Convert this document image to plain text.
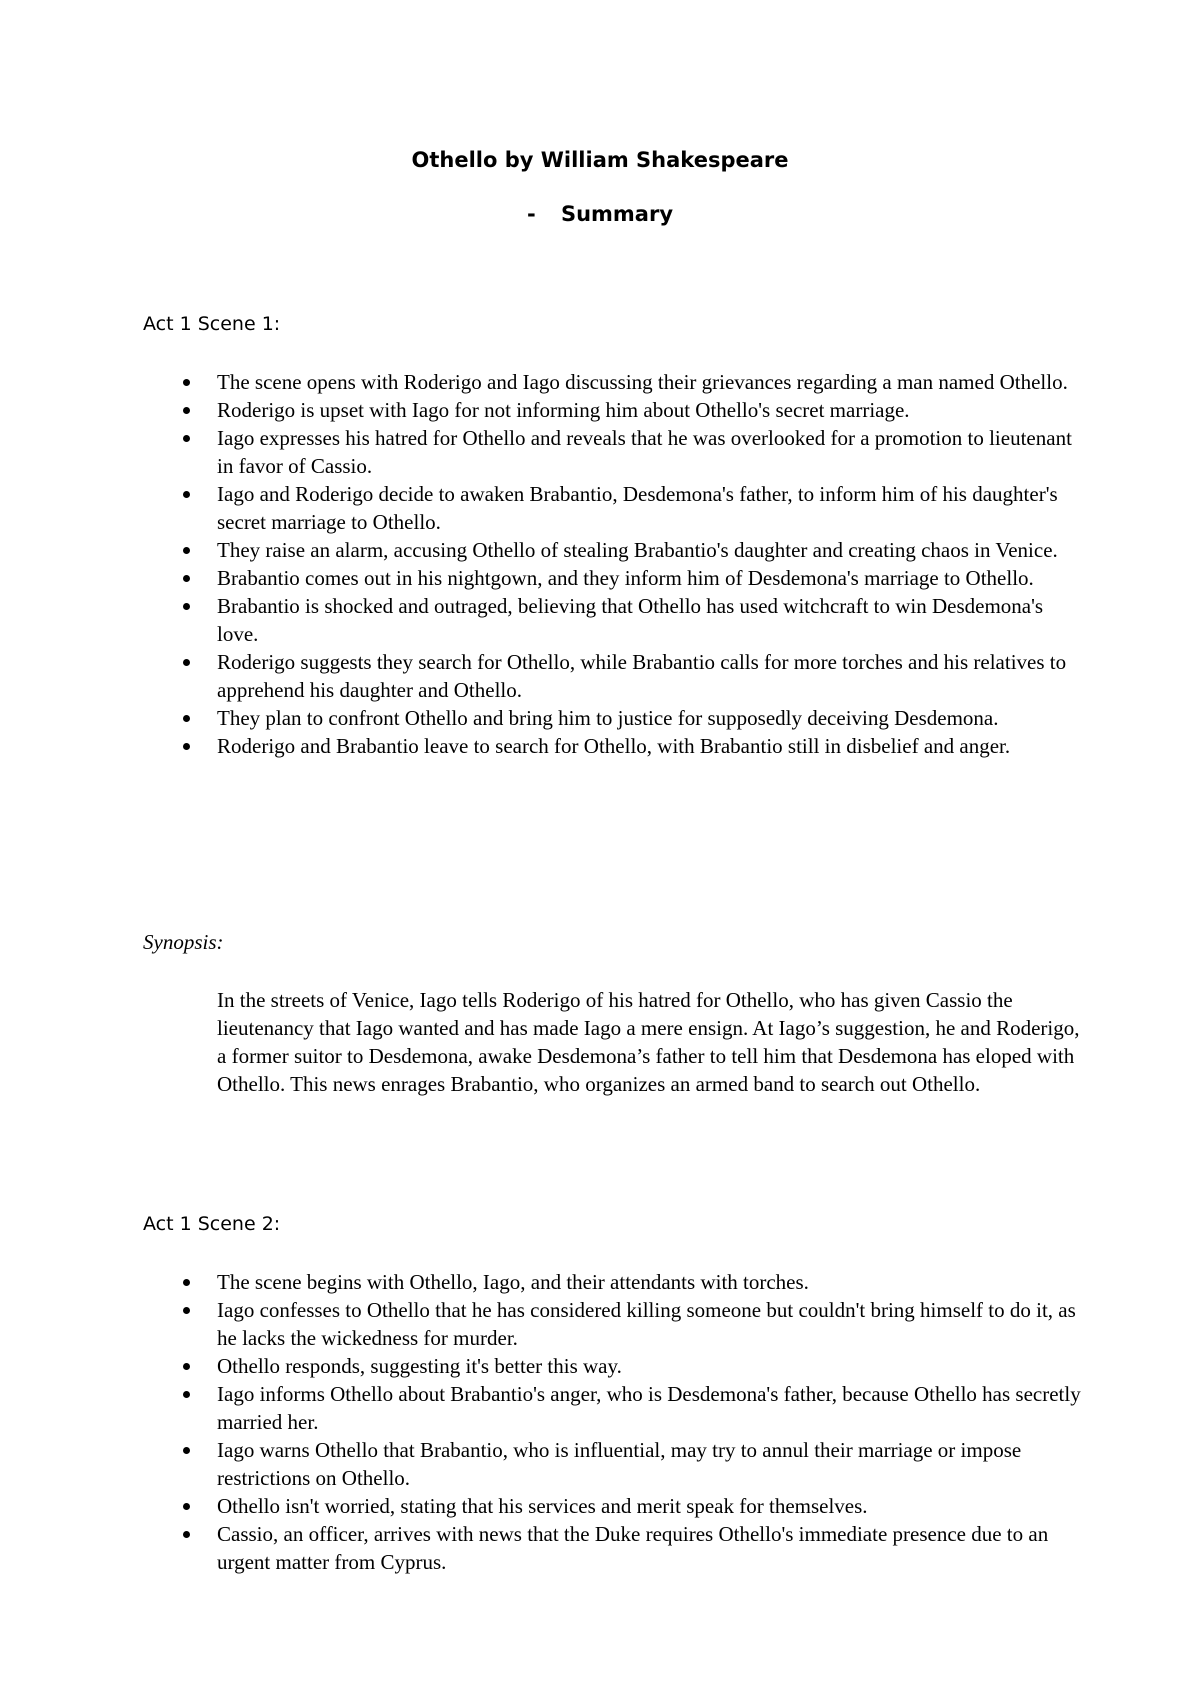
Othello by William Shakespeare
- Summary
Act 1 Scene 1:
The scene opens with Roderigo and Iago discussing their grievances regarding a man named Othello.
Roderigo is upset with Iago for not informing him about Othello's secret marriage.
Iago expresses his hatred for Othello and reveals that he was overlooked for a promotion to lieutenant in favor of Cassio.
Iago and Roderigo decide to awaken Brabantio, Desdemona's father, to inform him of his daughter's secret marriage to Othello.
They raise an alarm, accusing Othello of stealing Brabantio's daughter and creating chaos in Venice.
Brabantio comes out in his nightgown, and they inform him of Desdemona's marriage to Othello.
Brabantio is shocked and outraged, believing that Othello has used witchcraft to win Desdemona's love.
Roderigo suggests they search for Othello, while Brabantio calls for more torches and his relatives to apprehend his daughter and Othello.
They plan to confront Othello and bring him to justice for supposedly deceiving Desdemona.
Roderigo and Brabantio leave to search for Othello, with Brabantio still in disbelief and anger.

Synopsis:

In the streets of Venice, Iago tells Roderigo of his hatred for Othello, who has given Cassio the lieutenancy that Iago wanted and has made Iago a mere ensign. At Iago’s suggestion, he and Roderigo, a former suitor to Desdemona, awake Desdemona’s father to tell him that Desdemona has eloped with Othello. This news enrages Brabantio, who organizes an armed band to search out Othello.

Act 1 Scene 2:
The scene begins with Othello, Iago, and their attendants with torches.
Iago confesses to Othello that he has considered killing someone but couldn't bring himself to do it, as he lacks the wickedness for murder.
Othello responds, suggesting it's better this way.
Iago informs Othello about Brabantio's anger, who is Desdemona's father, because Othello has secretly married her.
Iago warns Othello that Brabantio, who is influential, may try to annul their marriage or impose restrictions on Othello.
Othello isn't worried, stating that his services and merit speak for themselves.
Cassio, an officer, arrives with news that the Duke requires Othello's immediate presence due to an urgent matter from Cyprus.
